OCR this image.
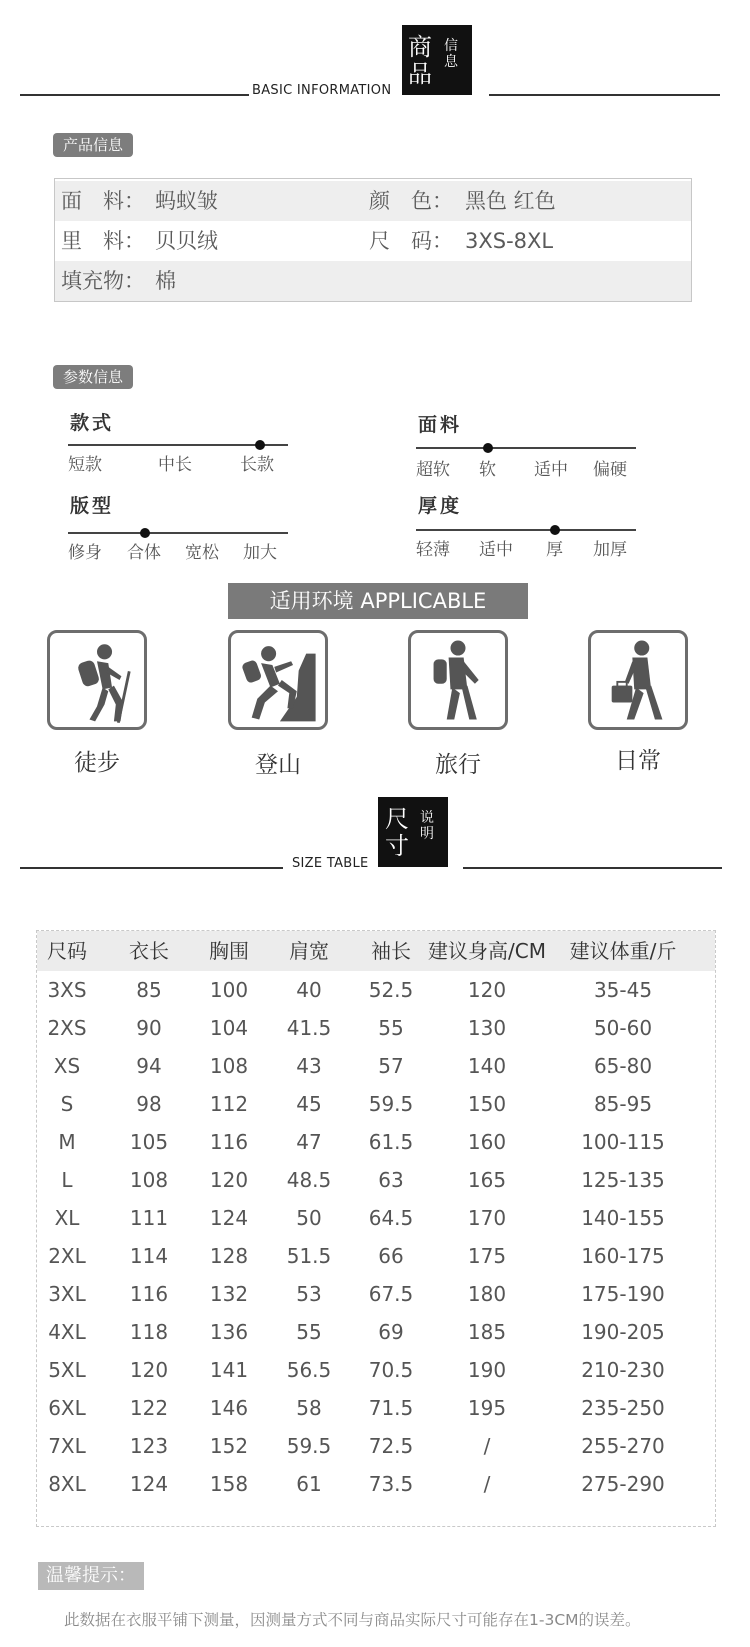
BASIC INFORMATION
商
品
信
息
产品信息
面　料： 蚂蚁皱	颜　色： 黑色 红色
里　料： 贝贝绒	尺　码： 3XS-8XL
填充物： 棉
参数信息
款式
短款	中长	长款
面料
超软 软 适中 偏硬
版型
修身 合体 宽松 加大
厚度
轻薄 适中 厚 加厚
适用环境 APPLICABLE
徒步	登山	旅行	日常
SIZE TABLE
尺
寸
说
明
尺码	衣长	胸围	肩宽	袖长 建议身高/CM	建议体重/斤
3XS	85	100	40	52.5	120	35-45
2XS	90	104	41.5	55	130	50-60
XS	94	108	43	57	140	65-80
S	98	112	45	59.5	150	85-95
M	105	116	47	61.5	160	100-115
L	108	120	48.5	63	165	125-135
XL	111	124	50	64.5	170	140-155
2XL	114	128	51.5	66	175	160-175
3XL	116	132	53	67.5	180	175-190
4XL	118	136	55	69	185	190-205
5XL	120	141	56.5	70.5	190	210-230
6XL	122	146	58	71.5	195	235-250
7XL	123	152	59.5	72.5	/	255-270
8XL	124	158	61	73.5	/	275-290
温馨提示：
此数据在衣服平铺下测量，因测量方式不同与商品实际尺寸可能存在1-3CM的误差。
